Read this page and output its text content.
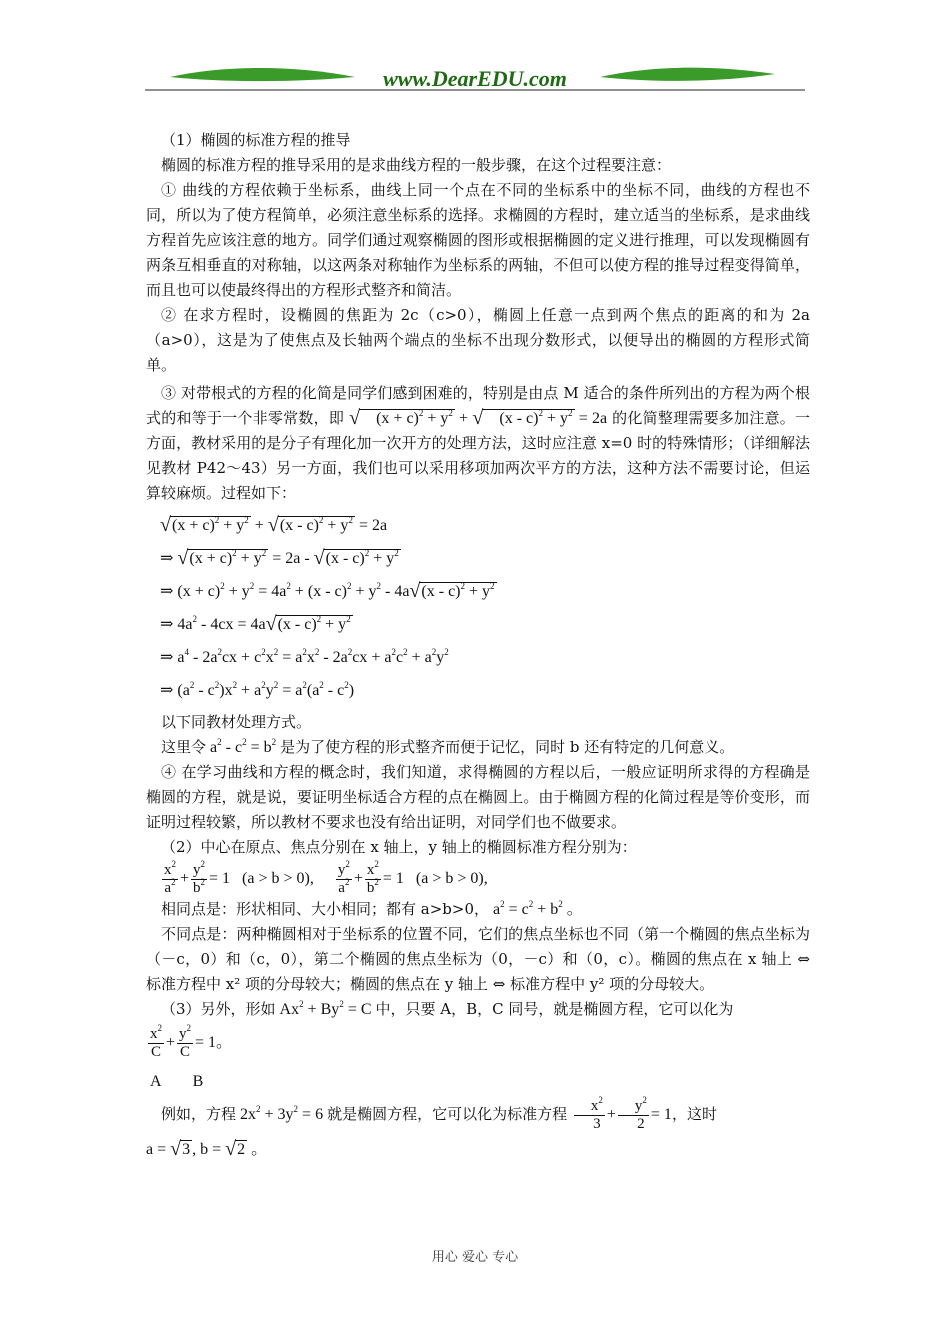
www.DearEDU.com

（1）椭圆的标准方程的推导

椭圆的标准方程的推导采用的是求曲线方程的一般步骤，在这个过程要注意：

① 曲线的方程依赖于坐标系，曲线上同一个点在不同的坐标系中的坐标不同，曲线的方程也不同，所以为了使方程简单，必须注意坐标系的选择。求椭圆的方程时，建立适当的坐标系，是求曲线方程首先应该注意的地方。同学们通过观察椭圆的图形或根据椭圆的定义进行推理，可以发现椭圆有两条互相垂直的对称轴，以这两条对称轴作为坐标系的两轴，不但可以使方程的推导过程变得简单，而且也可以使最终得出的方程形式整齐和简洁。

② 在求方程时，设椭圆的焦距为 2c（c>0），椭圆上任意一点到两个焦点的距离的和为 2a（a>0），这是为了使焦点及长轴两个端点的坐标不出现分数形式，以便导出的椭圆的方程形式简单。

③ 对带根式的方程的化简是同学们感到困难的，特别是由点 M 适合的条件所列出的方程为两个根式的和等于一个非零常数，即 √ $(x + c)^2 + y^2$ + √ $(x - c)^2 + y^2 = 2a$ 的化简整理需要多加注意。一方面，教材采用的是分子有理化加一次开方的处理方法，这时应注意 x=0 时的特殊情形；（详细解法见教材 P42～43）另一方面，我们也可以采用移项加两次平方的方法，这种方法不需要讨论，但运算较麻烦。过程如下：

$√(x + c)^2 + y^2 + √(x - c)^2 + y^2 = 2a$
⇒ $√(x + c)^2 + y^2 = 2a - √(x - c)^2 + y^2$
⇒ $(x + c)^2 + y^2 = 4a^2 + (x - c)^2 + y^2 - 4a√(x - c)^2 + y^2$
⇒ $4a^2 - 4cx = 4a√(x - c)^2 + y^2$
⇒ $a^4 - 2a^2cx + c^2x^2 = a^2x^2 - 2a^2cx + a^2c^2 + a^2y^2$
⇒ $(a^2 - c^2)x^2 + a^2y^2 = a^2(a^2 - c^2)$

以下同教材处理方式。

这里令 $a^2 - c^2 = b^2$ 是为了使方程的形式整齐而便于记忆，同时 b 还有特定的几何意义。

④ 在学习曲线和方程的概念时，我们知道，求得椭圆的方程以后，一般应证明所求得的方程确是椭圆的方程，就是说，要证明坐标适合方程的点在椭圆上。由于椭圆方程的化简过程是等价变形，而证明过程较繁，所以教材不要求也没有给出证明，对同学们也不做要求。

（2）中心在原点、焦点分别在 x 轴上，y 轴上的椭圆标准方程分别为：

$\frac{x^2}{a^2} + \frac{y^2}{b^2} = 1$   (a > b > 0), $\frac{y^2}{a^2} + \frac{x^2}{b^2} = 1$   (a > b > 0),

相同点是：形状相同、大小相同；都有 a>b>0， $a^2 = c^2 + b^2$ 。

不同点是：两种椭圆相对于坐标系的位置不同，它们的焦点坐标也不同（第一个椭圆的焦点坐标为（－c，0）和（c，0），第二个椭圆的焦点坐标为（0，－c）和（0，c）。椭圆的焦点在 x 轴上 ⇔ 标准方程中 x² 项的分母较大；椭圆的焦点在 y 轴上 ⇔ 标准方程中 y² 项的分母较大。

（3）另外，形如 $Ax^2 + By^2 = C$ 中，只要 A，B，C 同号，就是椭圆方程，它可以化为

$\frac{x^2}{C} + \frac{y^2}{C} = 1$。
A        B

例如，方程 $2x^2 + 3y^2 = 6$ 就是椭圆方程，它可以化为标准方程 $\frac{x^2}{3} + \frac{y^2}{2} = 1$，这时

a = √3 , b = √2 。

用心 爱心 专心
